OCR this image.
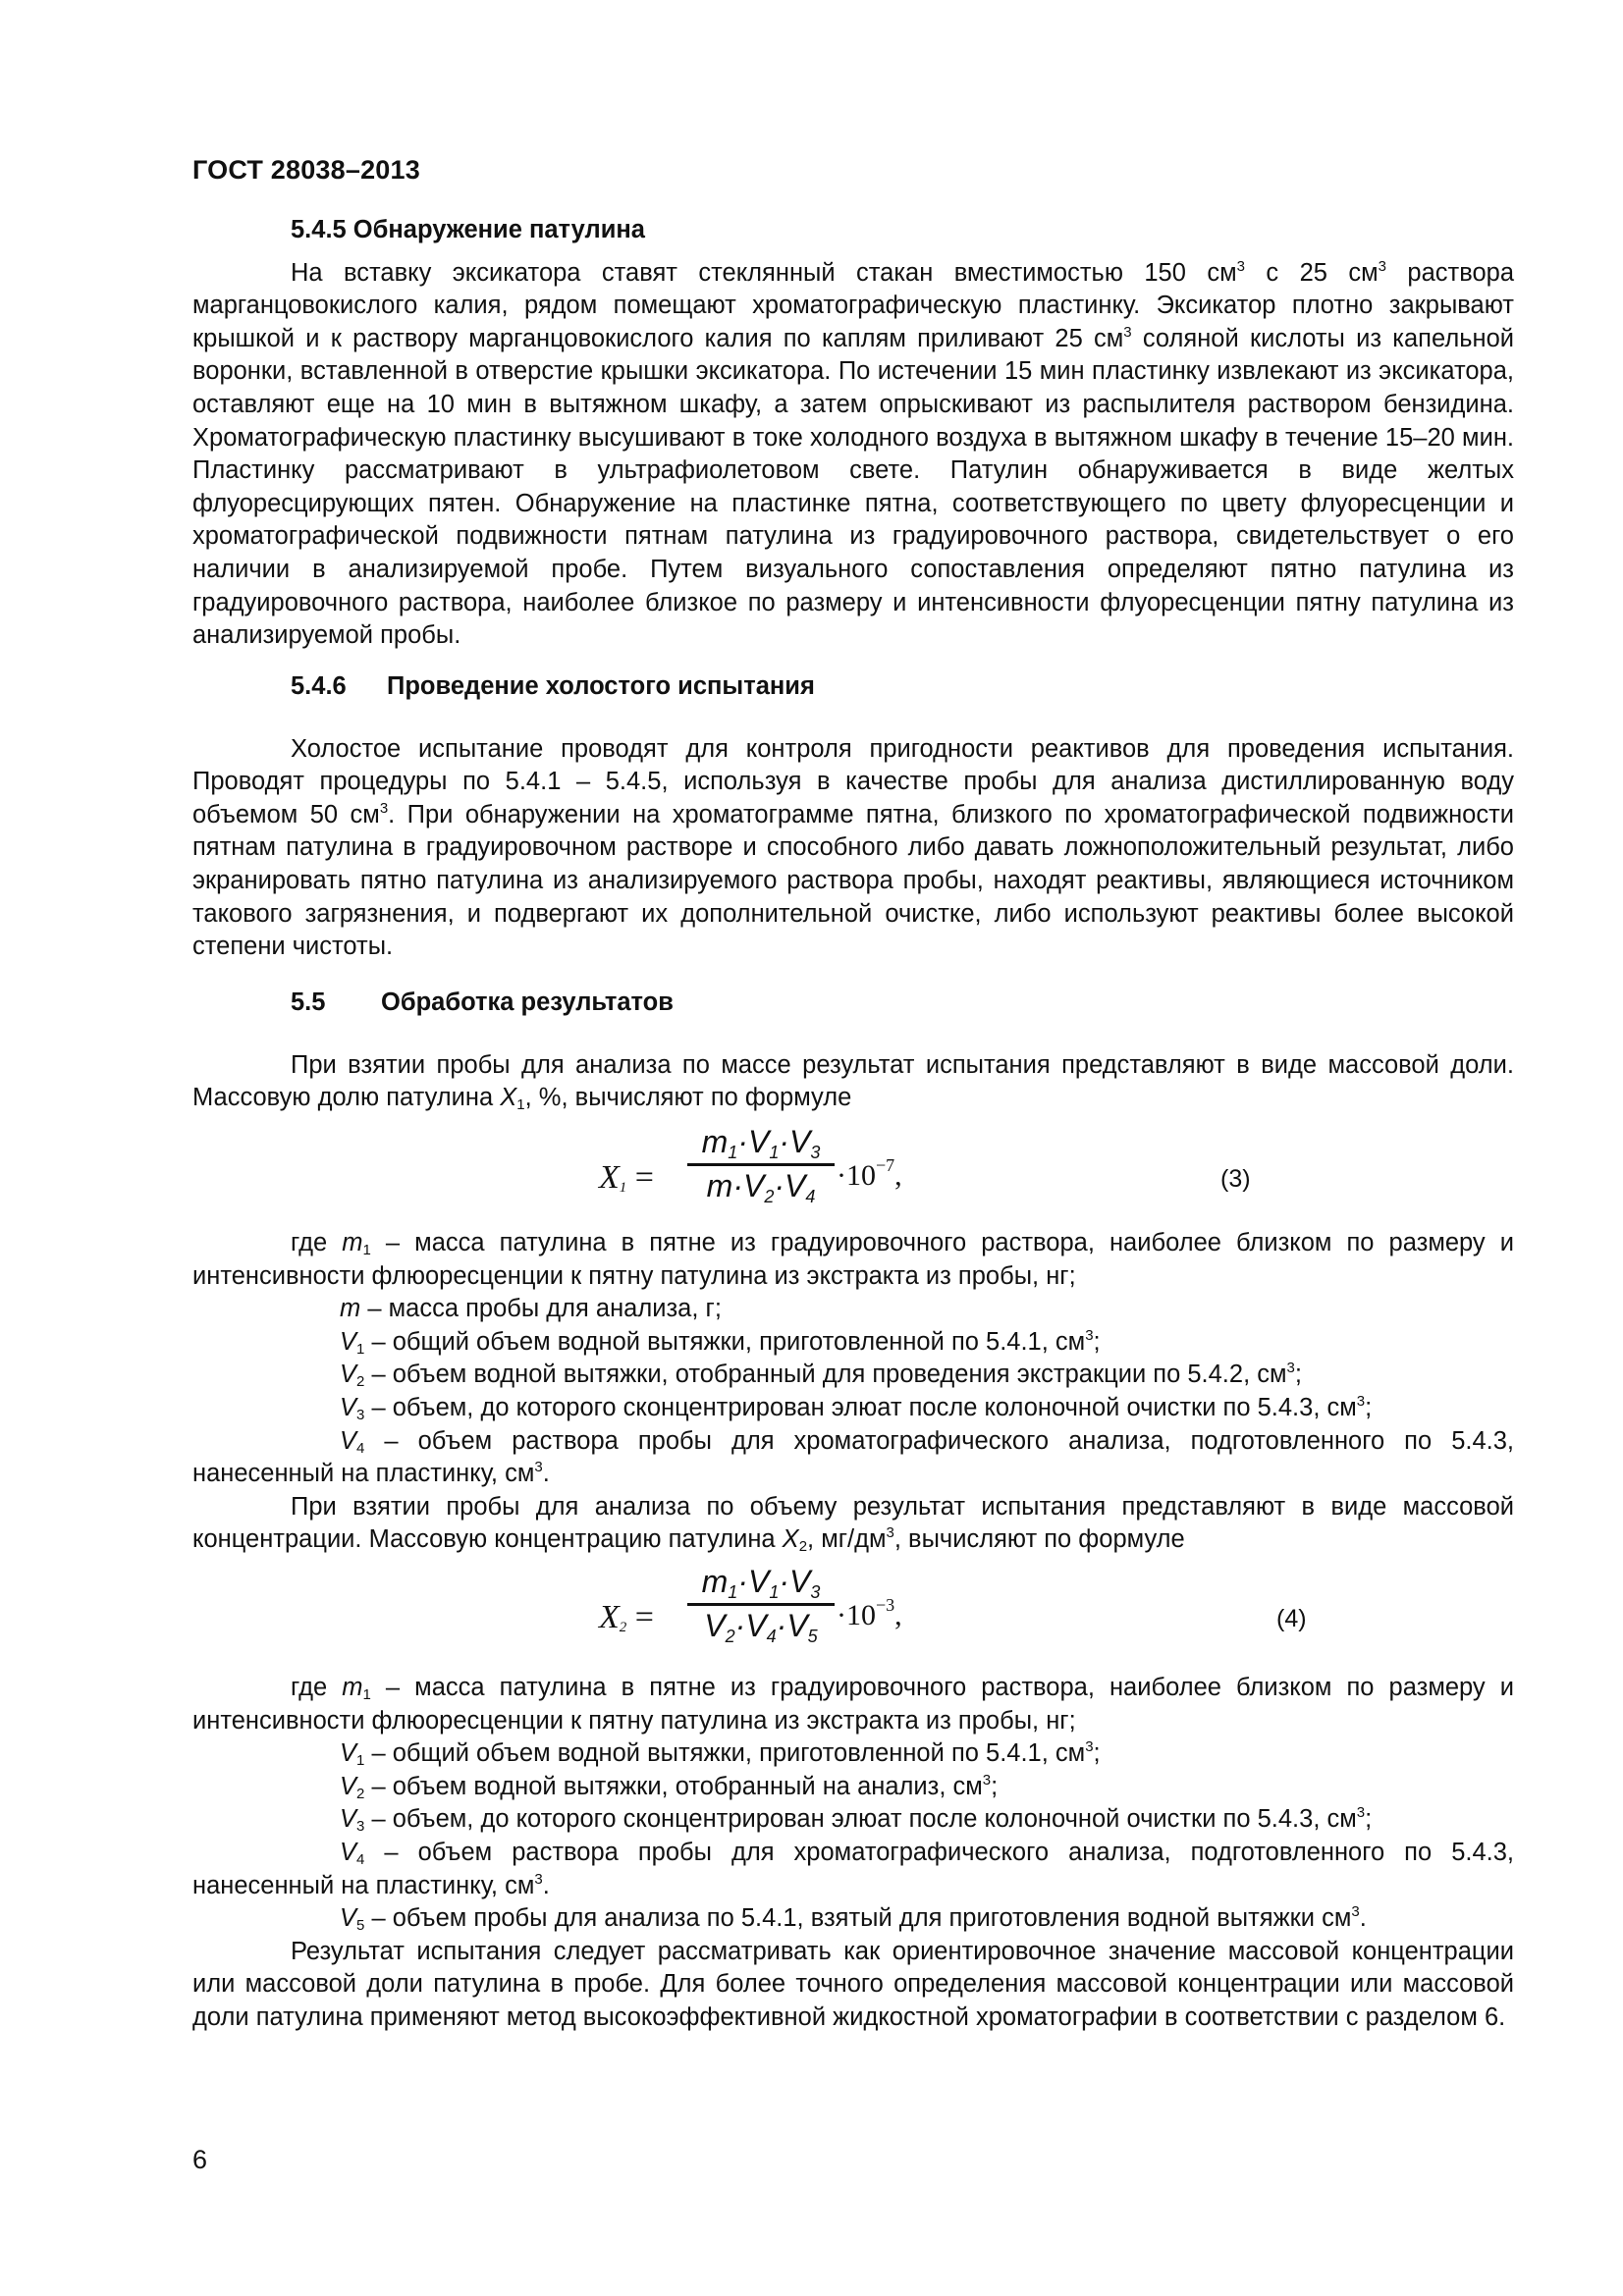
ГОСТ 28038–2013
5.4.5 Обнаружение патулина

На вставку эксикатора ставят стеклянный стакан вместимостью 150 $см^3$ с 25 $см^3$ раствора марганцовокислого калия, рядом помещают хроматографическую пластинку. Эксикатор плотно закрывают крышкой и к раствору марганцовокислого калия по каплям приливают 25 $см^3$ соляной кислоты из капельной воронки, вставленной в отверстие крышки эксикатора. По истечении 15 мин пластинку извлекают из эксикатора, оставляют еще на 10 мин в вытяжном шкафу, а затем опрыскивают из распылителя раствором бензидина. Хроматографическую пластинку высушивают в токе холодного воздуха в вытяжном шкафу в течение 15–20 мин. Пластинку рассматривают в ультрафиолетовом свете. Патулин обнаруживается в виде желтых флуоресцирующих пятен. Обнаружение на пластинке пятна, соответствующего по цвету флуоресценции и хроматографической подвижности пятнам патулина из градуировочного раствора, свидетельствует о его наличии в анализируемой пробе. Путем визуального сопоставления определяют пятно патулина из градуировочного раствора, наиболее близкое по размеру и интенсивности флуоресценции пятну патулина из анализируемой пробы.

5.4.6 Проведение холостого испытания

Холостое испытание проводят для контроля пригодности реактивов для проведения испытания. Проводят процедуры по 5.4.1 – 5.4.5, используя в качестве пробы для анализа дистиллированную воду объемом 50 $см^3$. При обнаружении на хроматограмме пятна, близкого по хроматографической подвижности пятнам патулина в градуировочном растворе и способного либо давать ложноположительный результат, либо экранировать пятно патулина из анализируемого раствора пробы, находят реактивы, являющиеся источником такового загрязнения, и подвергают их дополнительной очистке, либо используют реактивы более высокой степени чистоты.

5.5 Обработка результатов

При взятии пробы для анализа по массе результат испытания представляют в виде массовой доли. Массовую долю патулина $X_1$, %, вычисляют по формуле

$X_1 = \frac{m_1\cdot V_1\cdot V_3}{m\cdot V_2\cdot V_4} \cdot 10^{-7}$,	(3)

где $m_1$ – масса патулина в пятне из градуировочного раствора, наиболее близком по размеру и интенсивности флюоресценции к пятну патулина из экстракта из пробы, нг;

m – масса пробы для анализа, г;

$V_1$ – общий объем водной вытяжки, приготовленной по 5.4.1, $см^3$;

$V_2$ – объем водной вытяжки, отобранный для проведения экстракции по 5.4.2, $см^3$;

$V_3$ – объем, до которого сконцентрирован элюат после колоночной очистки по 5.4.3, $см^3$;

$V_4$ – объем раствора пробы для хроматографического анализа, подготовленного по 5.4.3, нанесенный на пластинку, $см^3$.

При взятии пробы для анализа по объему результат испытания представляют в виде массовой концентрации. Массовую концентрацию патулина $X_2$, $мг/дм^3$, вычисляют по формуле

$X_2 = \frac{m_1\cdot V_1\cdot V_3}{V_2\cdot V_4\cdot V_5} \cdot 10^{-3}$,	(4)

где $m_1$ – масса патулина в пятне из градуировочного раствора, наиболее близком по размеру и интенсивности флюоресценции к пятну патулина из экстракта из пробы, нг;

$V_1$ – общий объем водной вытяжки, приготовленной по 5.4.1, $см^3$;

$V_2$ – объем водной вытяжки, отобранный на анализ, $см^3$;

$V_3$ – объем, до которого сконцентрирован элюат после колоночной очистки по 5.4.3, $см^3$;

$V_4$ – объем раствора пробы для хроматографического анализа, подготовленного по 5.4.3, нанесенный на пластинку, $см^3$.

$V_5$ – объем пробы для анализа по 5.4.1, взятый для приготовления водной вытяжки $см^3$.

Результат испытания следует рассматривать как ориентировочное значение массовой концентрации или массовой доли патулина в пробе. Для более точного определения массовой концентрации или массовой доли патулина применяют метод высокоэффективной жидкостной хроматографии в соответствии с разделом 6.

6
